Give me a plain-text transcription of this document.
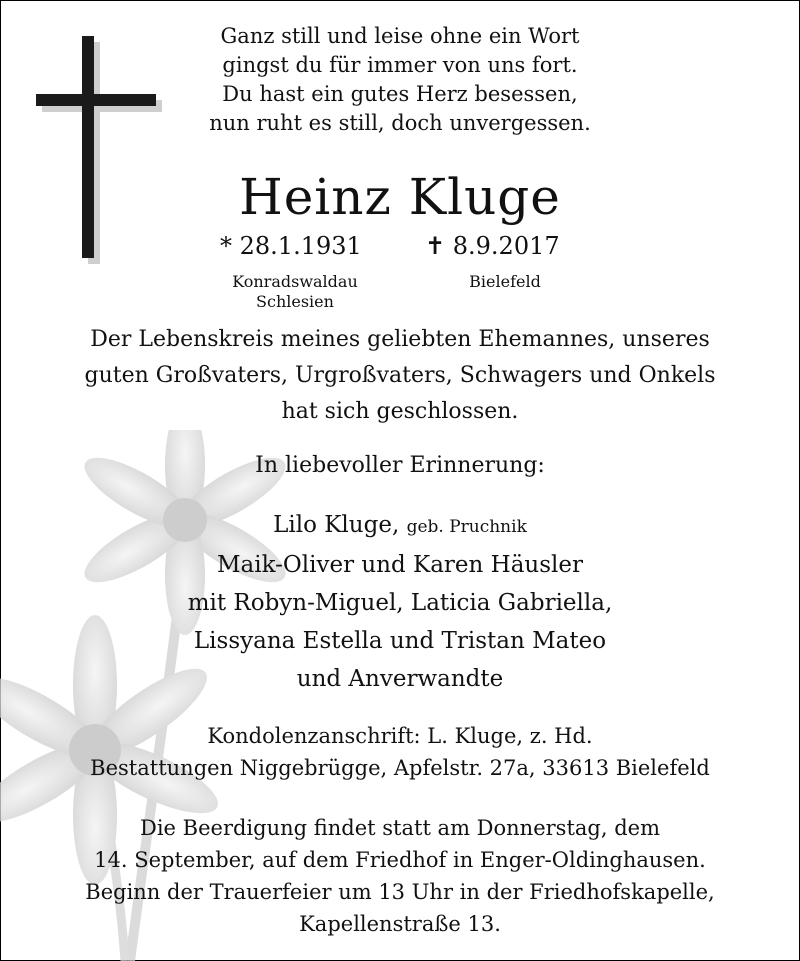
Ganz still und leise ohne ein Wort
gingst du für immer von uns fort.
Du hast ein gutes Herz besessen,
nun ruht es still, doch unvergessen.
Heinz Kluge
* 28.1.1931	✝ 8.9.2017
Konradswaldau
Schlesien
Bielefeld
Der Lebenskreis meines geliebten Ehemannes, unseres
guten Großvaters, Urgroßvaters, Schwagers und Onkels
hat sich geschlossen.
In liebevoller Erinnerung:
Lilo Kluge, geb. Pruchnik
Maik-Oliver und Karen Häusler
mit Robyn-Miguel, Laticia Gabriella,
Lissyana Estella und Tristan Mateo
und Anverwandte
Kondolenzanschrift: L. Kluge, z. Hd.
Bestattungen Niggebrügge, Apfelstr. 27a, 33613 Bielefeld
Die Beerdigung findet statt am Donnerstag, dem
14. September, auf dem Friedhof in Enger-Oldinghausen.
Beginn der Trauerfeier um 13 Uhr in der Friedhofskapelle,
Kapellenstraße 13.
